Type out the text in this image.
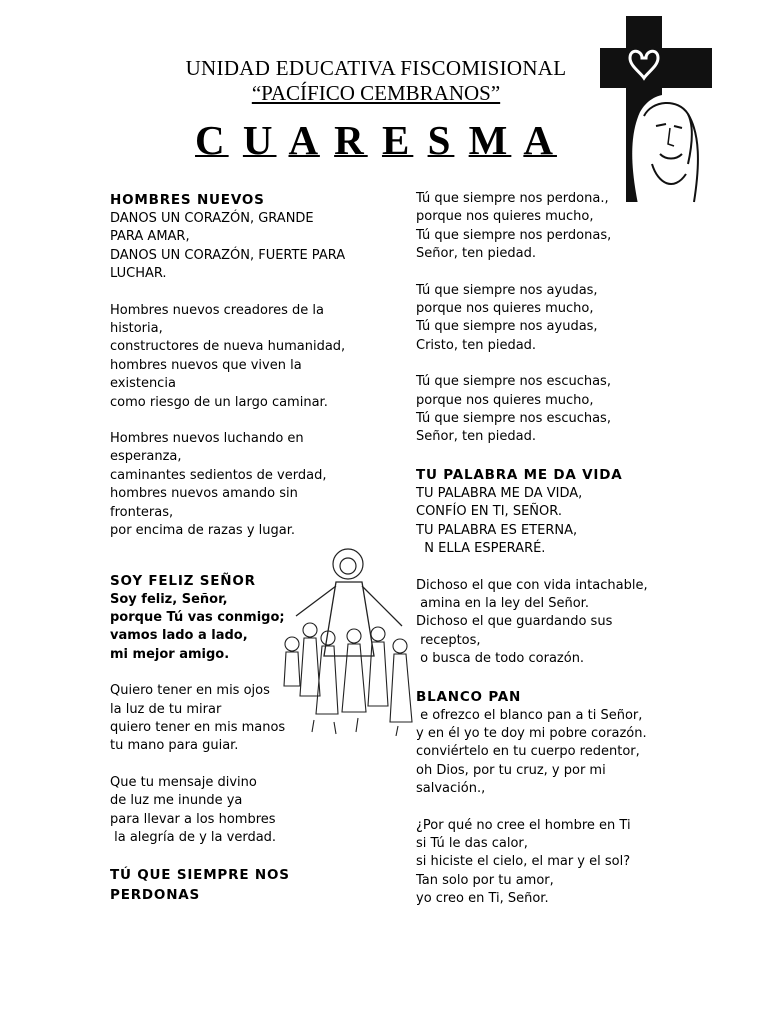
UNIDAD EDUCATIVA FISCOMISIONAL
“PACÍFICO CEMBRANOS”
C U A R E S M A
HOMBRES NUEVOS
DANOS UN CORAZÓN, GRANDE
PARA AMAR,
DANOS UN CORAZÓN, FUERTE PARA
LUCHAR.
Hombres nuevos creadores de la
historia,
constructores de nueva humanidad,
hombres nuevos que viven la
existencia
como riesgo de un largo caminar.
Hombres nuevos luchando en
esperanza,
caminantes sedientos de verdad,
hombres nuevos amando sin
fronteras,
por encima de razas y lugar.
SOY FELIZ SEÑOR
Soy feliz, Señor,
porque Tú vas conmigo;
vamos lado a lado,
mi mejor amigo.
Quiero tener en mis ojos
la luz de tu mirar
quiero tener en mis manos
tu mano para guiar.
Que tu mensaje divino
de luz me inunde ya
para llevar a los hombres
la alegría de y la verdad.
TÚ QUE SIEMPRE NOS
PERDONAS
Tú que siempre nos perdona.,
porque nos quieres mucho,
Tú que siempre nos perdonas,
Señor, ten piedad.
Tú que siempre nos ayudas,
porque nos quieres mucho,
Tú que siempre nos ayudas,
Cristo, ten piedad.
Tú que siempre nos escuchas,
porque nos quieres mucho,
Tú que siempre nos escuchas,
Señor, ten piedad.
TU PALABRA ME DA VIDA
TU PALABRA ME DA VIDA,
CONFÍO EN TI, SEÑOR.
TU PALABRA ES ETERNA,
N ELLA ESPERARÉ.
Dichoso el que con vida intachable,
amina en la ley del Señor.
Dichoso el que guardando sus
receptos,
o busca de todo corazón.
BLANCO PAN
e ofrezco el blanco pan a ti Señor,
y en él yo te doy mi pobre corazón.
conviértelo en tu cuerpo redentor,
oh Dios, por tu cruz, y por mi
salvación.,
¿Por qué no cree el hombre en Ti
si Tú le das calor,
si hiciste el cielo, el mar y el sol?
Tan solo por tu amor,
yo creo en Ti, Señor.
